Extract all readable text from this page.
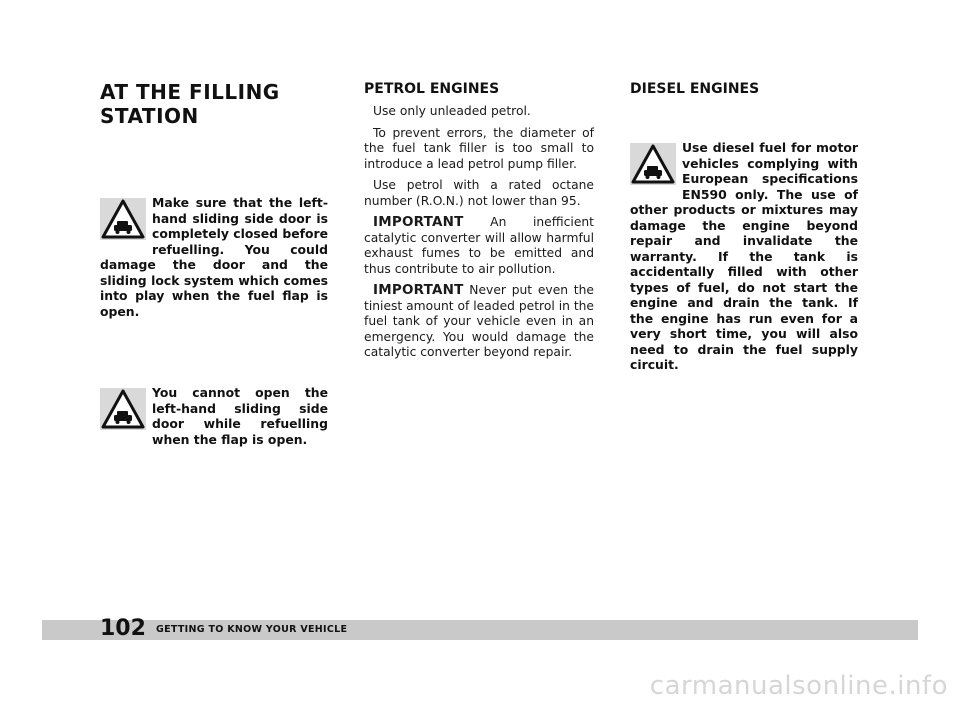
AT THE FILLING
STATION
Make sure that the left-hand sliding side door is completely closed before refuelling. You could damage the door and the sliding lock system which comes into play when the fuel flap is open.
You cannot open the left-hand sliding side door while refuelling when the flap is open.
PETROL ENGINES

Use only unleaded petrol.

To prevent errors, the diameter of the fuel tank filler is too small to introduce a lead petrol pump filler.

Use petrol with a rated octane number (R.O.N.) not lower than 95.

IMPORTANT An inefficient catalytic converter will allow harmful exhaust fumes to be emitted and thus contribute to air pollution.

IMPORTANT Never put even the tiniest amount of leaded petrol in the fuel tank of your vehicle even in an emergency. You would damage the catalytic converter beyond repair.

DIESEL ENGINES
Use diesel fuel for motor vehicles complying with European specifications EN590 only. The use of other products or mixtures may damage the engine beyond repair and invalidate the warranty. If the tank is accidentally filled with other types of fuel, do not start the engine and drain the tank. If the engine has run even for a very short time, you will also need to drain the fuel supply circuit.
102 GETTING TO KNOW YOUR VEHICLE
carmanualsonline.info
